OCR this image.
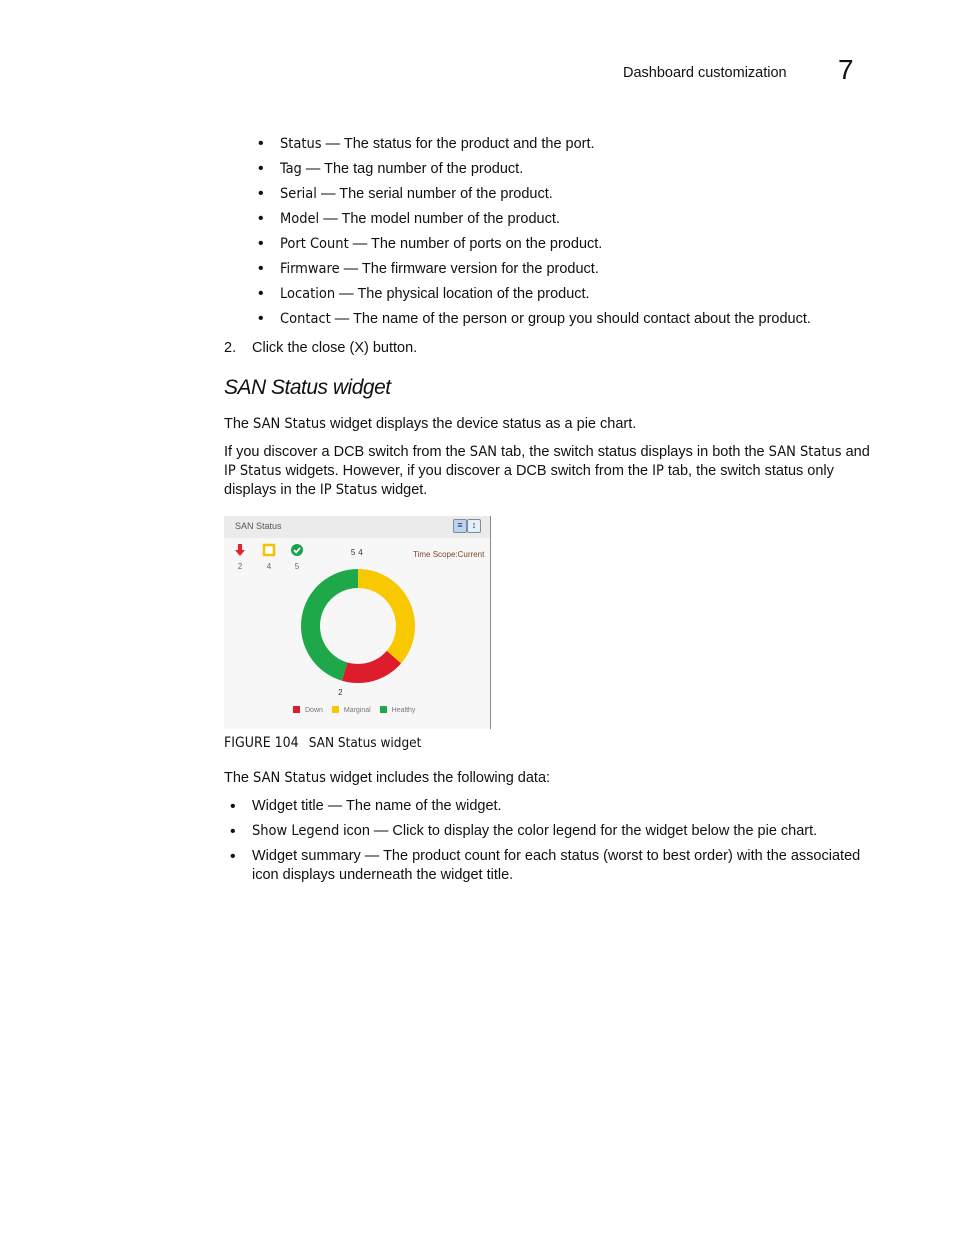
Dashboard customization 7
• Status — The status for the product and the port.
• Tag — The tag number of the product.
• Serial — The serial number of the product.
• Model — The model number of the product.
• Port Count — The number of ports on the product.
• Firmware — The firmware version for the product.
• Location — The physical location of the product.
• Contact — The name of the person or group you should contact about the product.
2. Click the close (X) button.
SAN Status widget
The SAN Status widget displays the device status as a pie chart.
If you discover a DCB switch from the SAN tab, the switch status displays in both the SAN Status and IP Status widgets. However, if you discover a DCB switch from the IP tab, the switch status only displays in the IP Status widget.
SAN Status	≡	↕
2	4	5
Time Scope:Current
4
2
5
Down	Marginal	Healthy
FIGURE 104 SAN Status widget
The SAN Status widget includes the following data:
• Widget title — The name of the widget.
• Show Legend icon — Click to display the color legend for the widget below the pie chart.
• Widget summary — The product count for each status (worst to best order) with the associated icon displays underneath the widget title.
